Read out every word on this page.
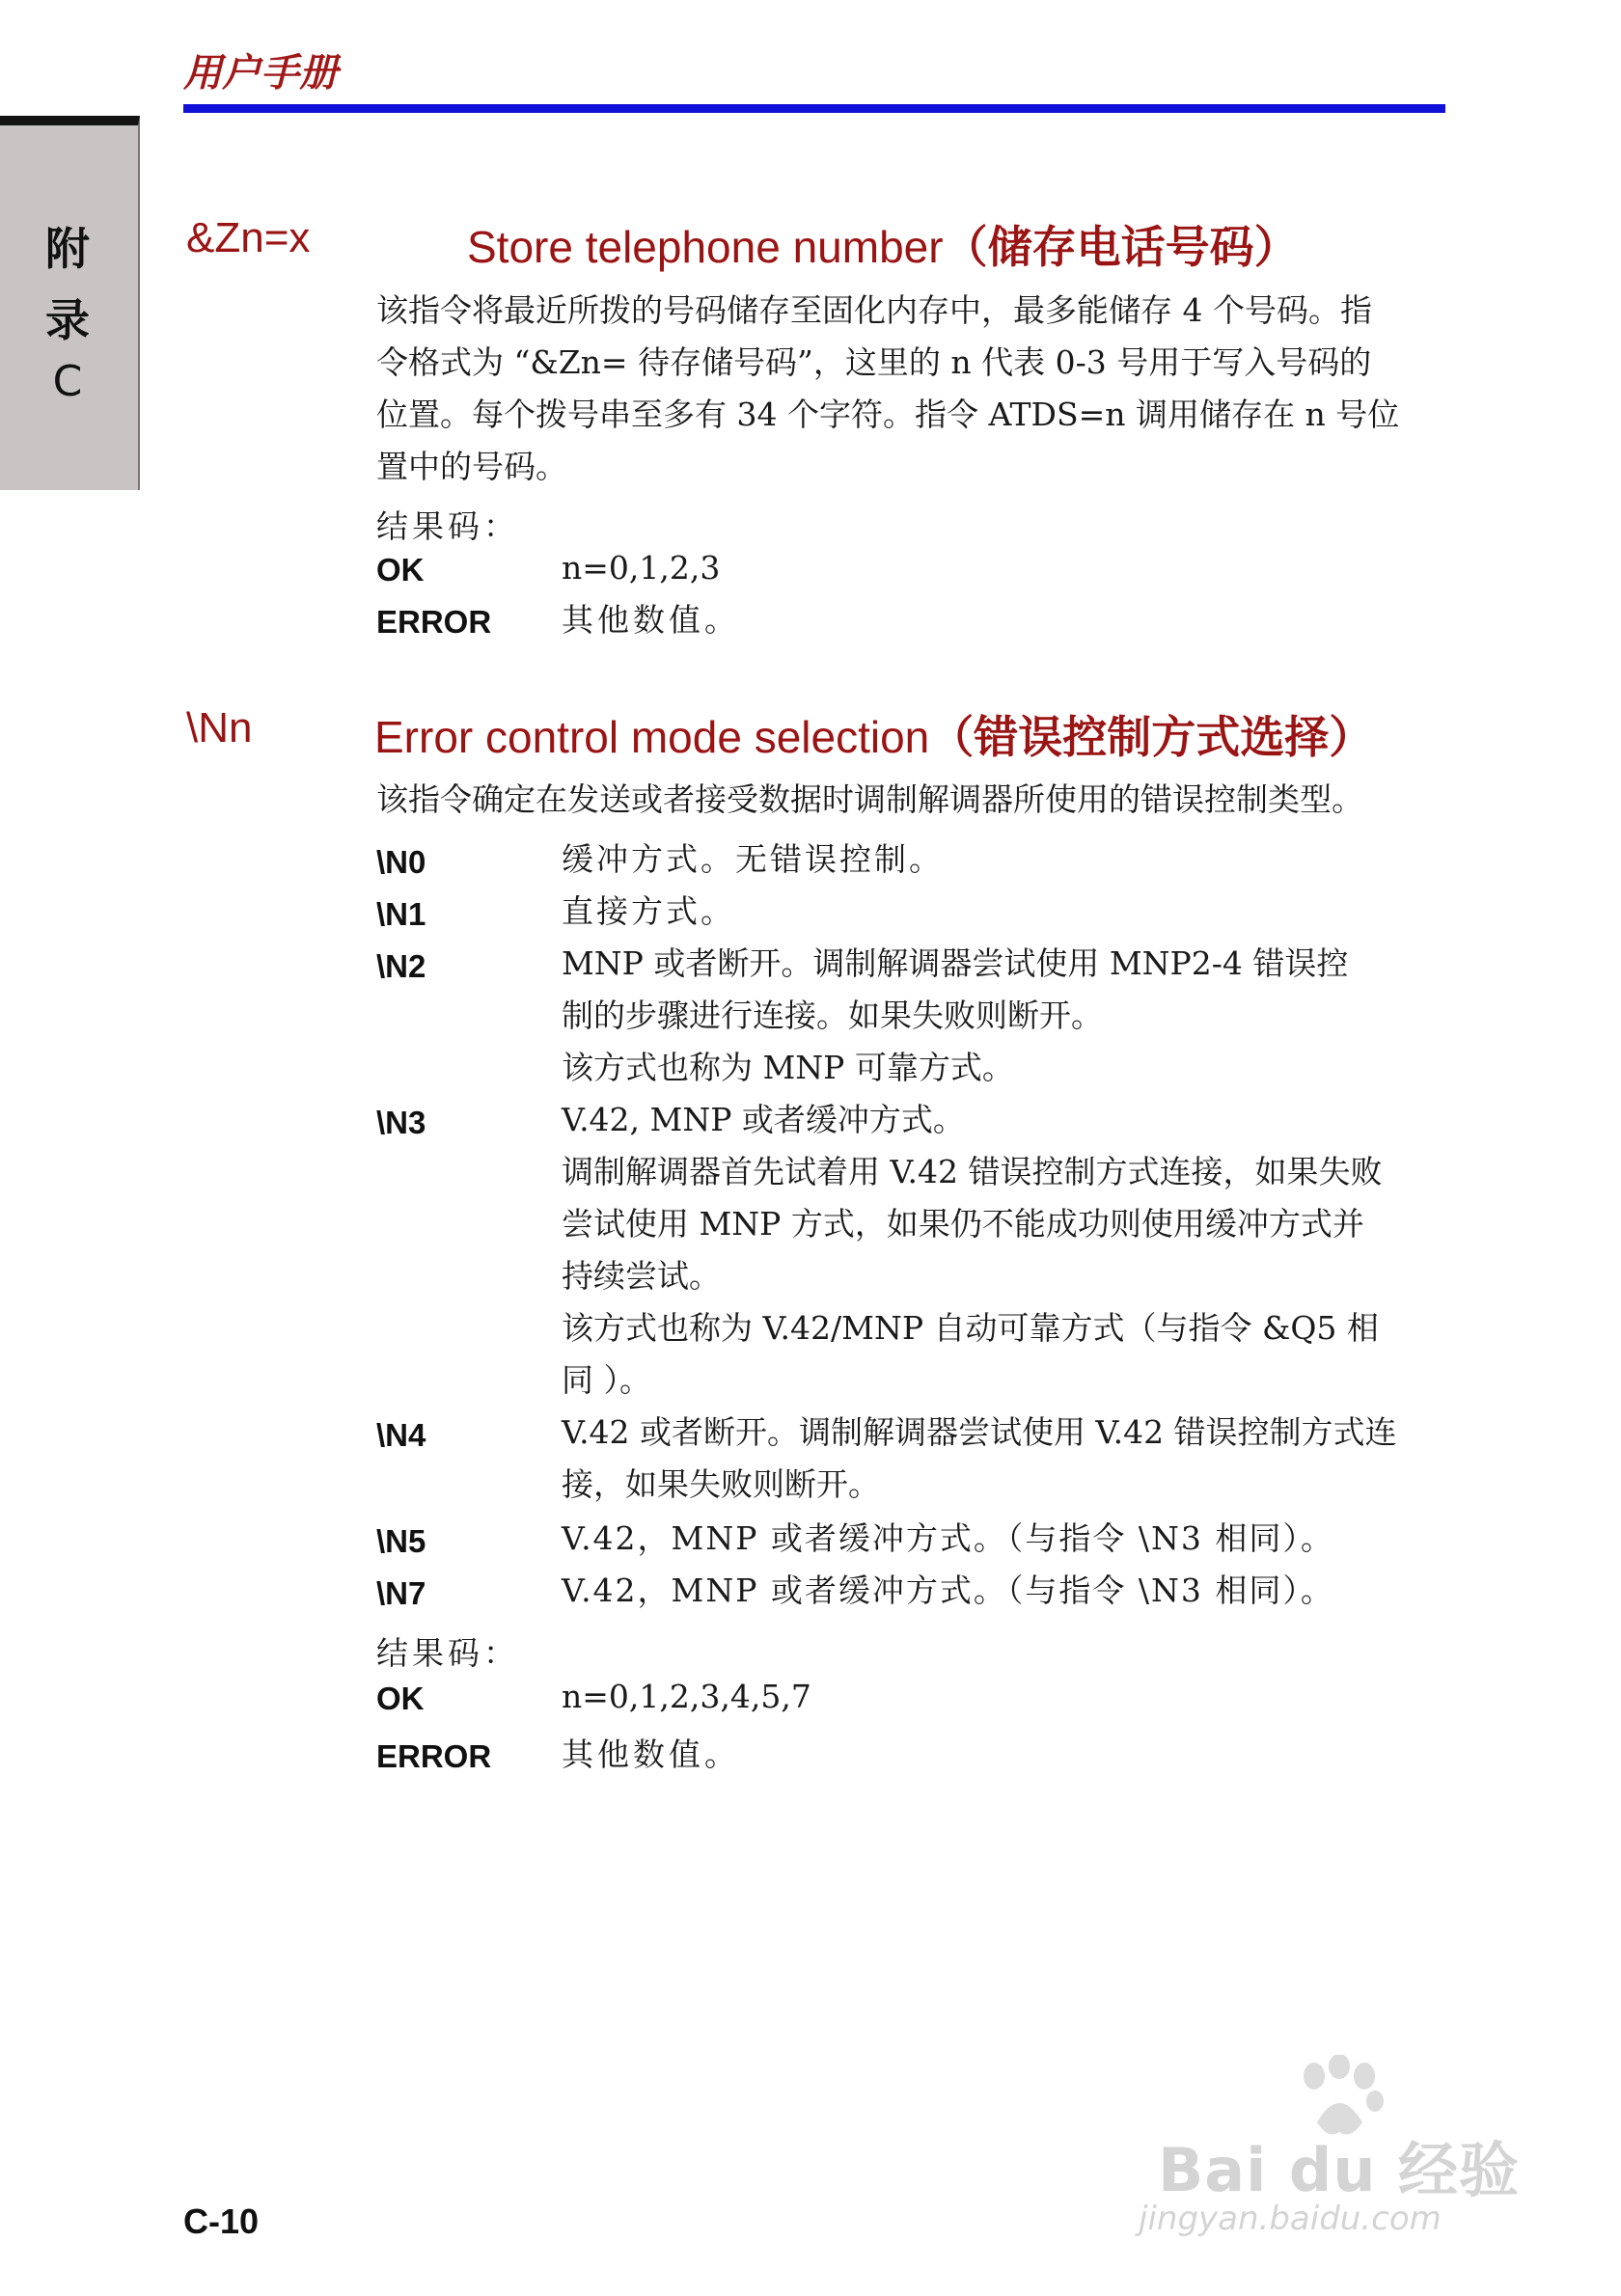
用户手册
附
录
C
&Zn=x	Store telephone number（储存电话号码）
该指令将最近所拨的号码储存至固化内存中，最多能储存 4 个号码。指
令格式为 “&Zn= 待存储号码”，这里的 n 代表 0-3 号用于写入号码的
位置。每个拨号串至多有 34 个字符。指令 ATDS=n 调用储存在 n 号位
置中的号码。
结果码：
OK	n=0,1,2,3
ERROR 其他数值。
\Nn	Error control mode selection（错误控制方式选择）
该指令确定在发送或者接受数据时调制解调器所使用的错误控制类型。
\N0	缓冲方式。无错误控制。
\N1	直接方式。
\N2	MNP 或者断开。调制解调器尝试使用 MNP2-4 错误控
制的步骤进行连接。如果失败则断开。
该方式也称为 MNP 可靠方式。
\N3	V.42, MNP 或者缓冲方式。
调制解调器首先试着用 V.42 错误控制方式连接，如果失败
尝试使用 MNP 方式，如果仍不能成功则使用缓冲方式并
持续尝试。
该方式也称为 V.42/MNP 自动可靠方式（与指令 &Q5 相
同 ）。
\N4	V.42 或者断开。调制解调器尝试使用 V.42 错误控制方式连
接，如果失败则断开。
\N5	V.42，MNP 或者缓冲方式。（与指令 \N3 相同）。
\N7	V.42，MNP 或者缓冲方式。（与指令 \N3 相同）。
结果码：
OK	n=0,1,2,3,4,5,7
ERROR 其他数值。
C-10
Bai du 经验
jingyan.baidu.com
